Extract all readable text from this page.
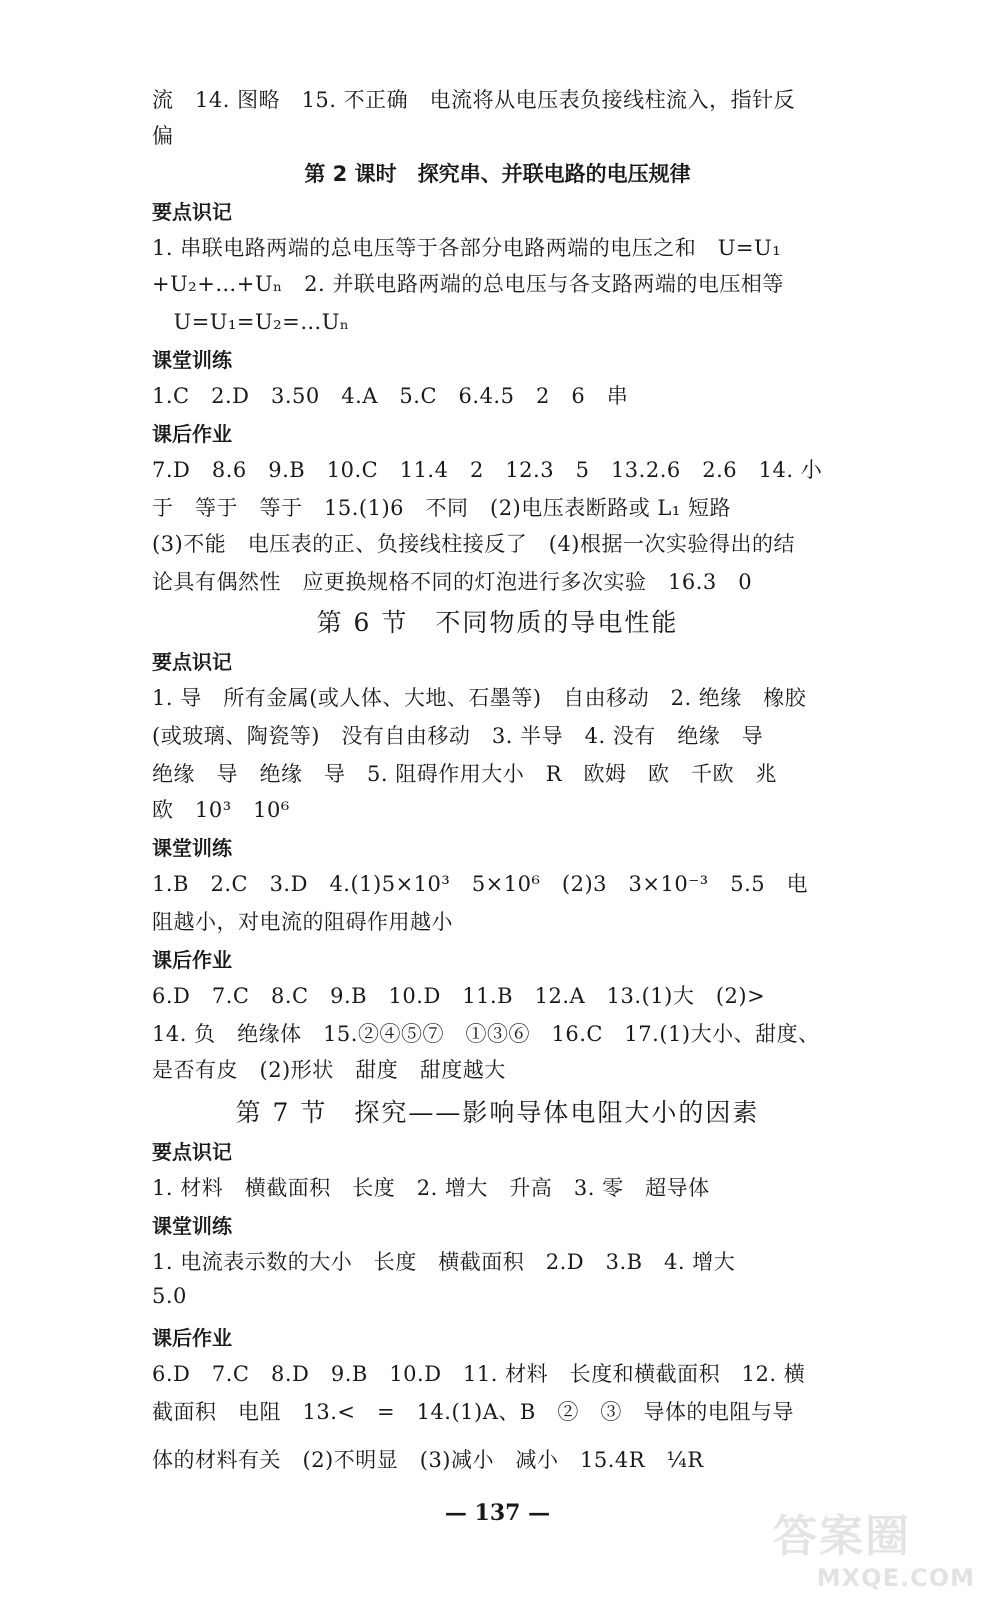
流　14. 图略　15. 不正确　电流将从电压表负接线柱流入，指针反
偏
第 2 课时　探究串、并联电路的电压规律
要点识记
1. 串联电路两端的总电压等于各部分电路两端的电压之和　U=U₁
+U₂+…+Uₙ　2. 并联电路两端的总电压与各支路两端的电压相等
　U=U₁=U₂=…Uₙ
课堂训练
1.C　2.D　3.50　4.A　5.C　6.4.5　2　6　串
课后作业
7.D　8.6　9.B　10.C　11.4　2　12.3　5　13.2.6　2.6　14. 小
于　等于　等于　15.(1)6　不同　(2)电压表断路或 L₁ 短路
(3)不能　电压表的正、负接线柱接反了　(4)根据一次实验得出的结
论具有偶然性　应更换规格不同的灯泡进行多次实验　16.3　0
第 6 节　不同物质的导电性能
要点识记
1. 导　所有金属(或人体、大地、石墨等)　自由移动　2. 绝缘　橡胶
(或玻璃、陶瓷等)　没有自由移动　3. 半导　4. 没有　绝缘　导
绝缘　导　绝缘　导　5. 阻碍作用大小　R　欧姆　欧　千欧　兆
欧　10³　10⁶
课堂训练
1.B　2.C　3.D　4.(1)5×10³　5×10⁶　(2)3　3×10⁻³　5.5　电
阻越小，对电流的阻碍作用越小
课后作业
6.D　7.C　8.C　9.B　10.D　11.B　12.A　13.(1)大　(2)>
14. 负　绝缘体　15.②④⑤⑦　①③⑥　16.C　17.(1)大小、甜度、
是否有皮　(2)形状　甜度　甜度越大
第 7 节　探究——影响导体电阻大小的因素
要点识记
1. 材料　横截面积　长度　2. 增大　升高　3. 零　超导体
课堂训练
1. 电流表示数的大小　长度　横截面积　2.D　3.B　4. 增大
5.0
课后作业
6.D　7.C　8.D　9.B　10.D　11. 材料　长度和横截面积　12. 横
截面积　电阻　13.<　=　14.(1)A、B　②　③　导体的电阻与导
体的材料有关　(2)不明显　(3)减小　减小　15.4R　¼R
— 137 —	答案圈
MXQE.COM
